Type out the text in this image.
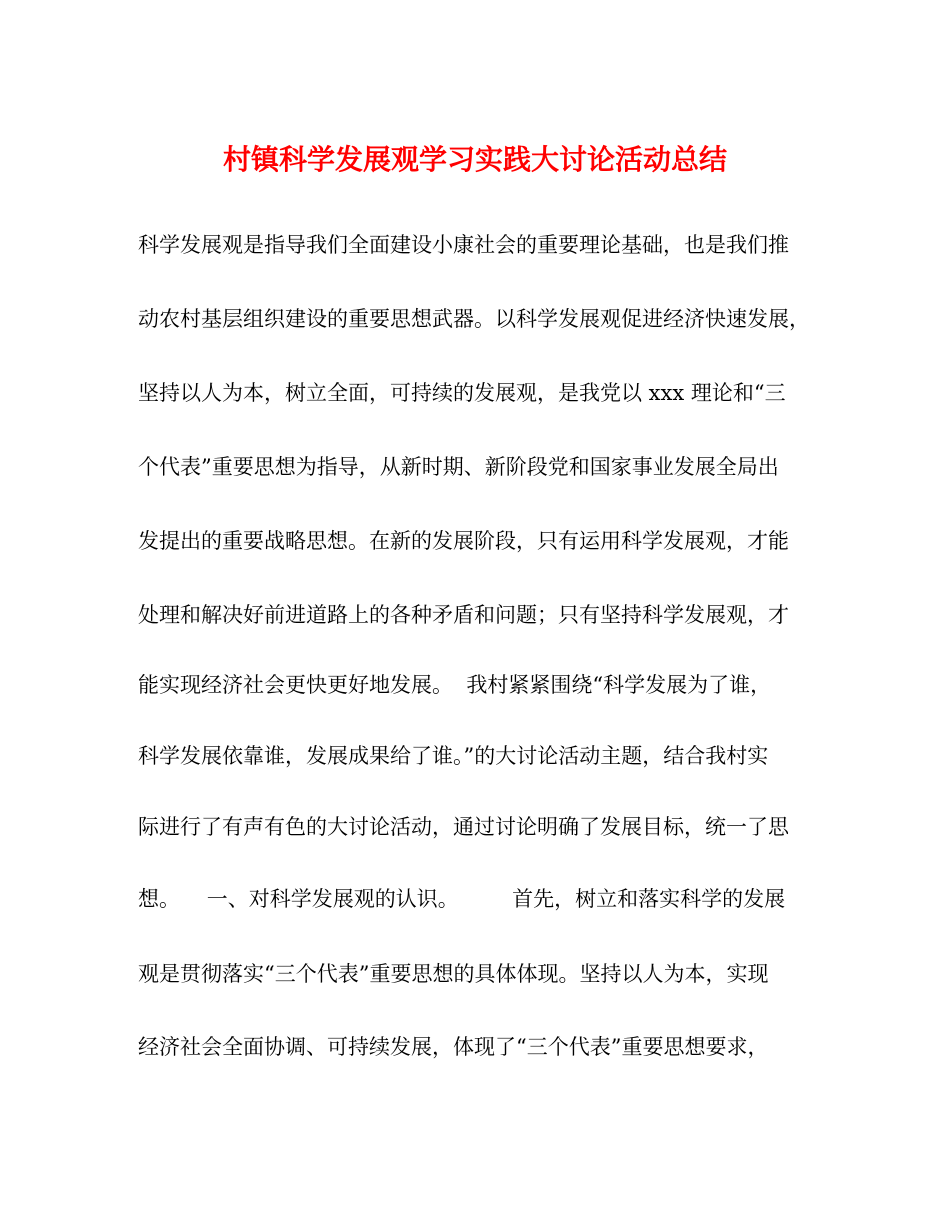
村镇科学发展观学习实践大讨论活动总结

科学发展观是指导我们全面建设小康社会的重要理论基础，也是我们推

动农村基层组织建设的重要思想武器。以科学发展观促进经济快速发展，

坚持以人为本，树立全面，可持续的发展观，是我党以 xxx 理论和“三

个代表”重要思想为指导，从新时期、新阶段党和国家事业发展全局出

发提出的重要战略思想。在新的发展阶段，只有运用科学发展观，才能

处理和解决好前进道路上的各种矛盾和问题；只有坚持科学发展观，才

能实现经济社会更快更好地发展。  我村紧紧围绕“科学发展为了谁，

科学发展依靠谁，发展成果给了谁。”的大讨论活动主题，结合我村实

际进行了有声有色的大讨论活动，通过讨论明确了发展目标，统一了思

想。    一、对科学发展观的认识。        首先，树立和落实科学的发展

观是贯彻落实“三个代表”重要思想的具体体现。坚持以人为本，实现

经济社会全面协调、可持续发展，体现了“三个代表”重要思想要求，
